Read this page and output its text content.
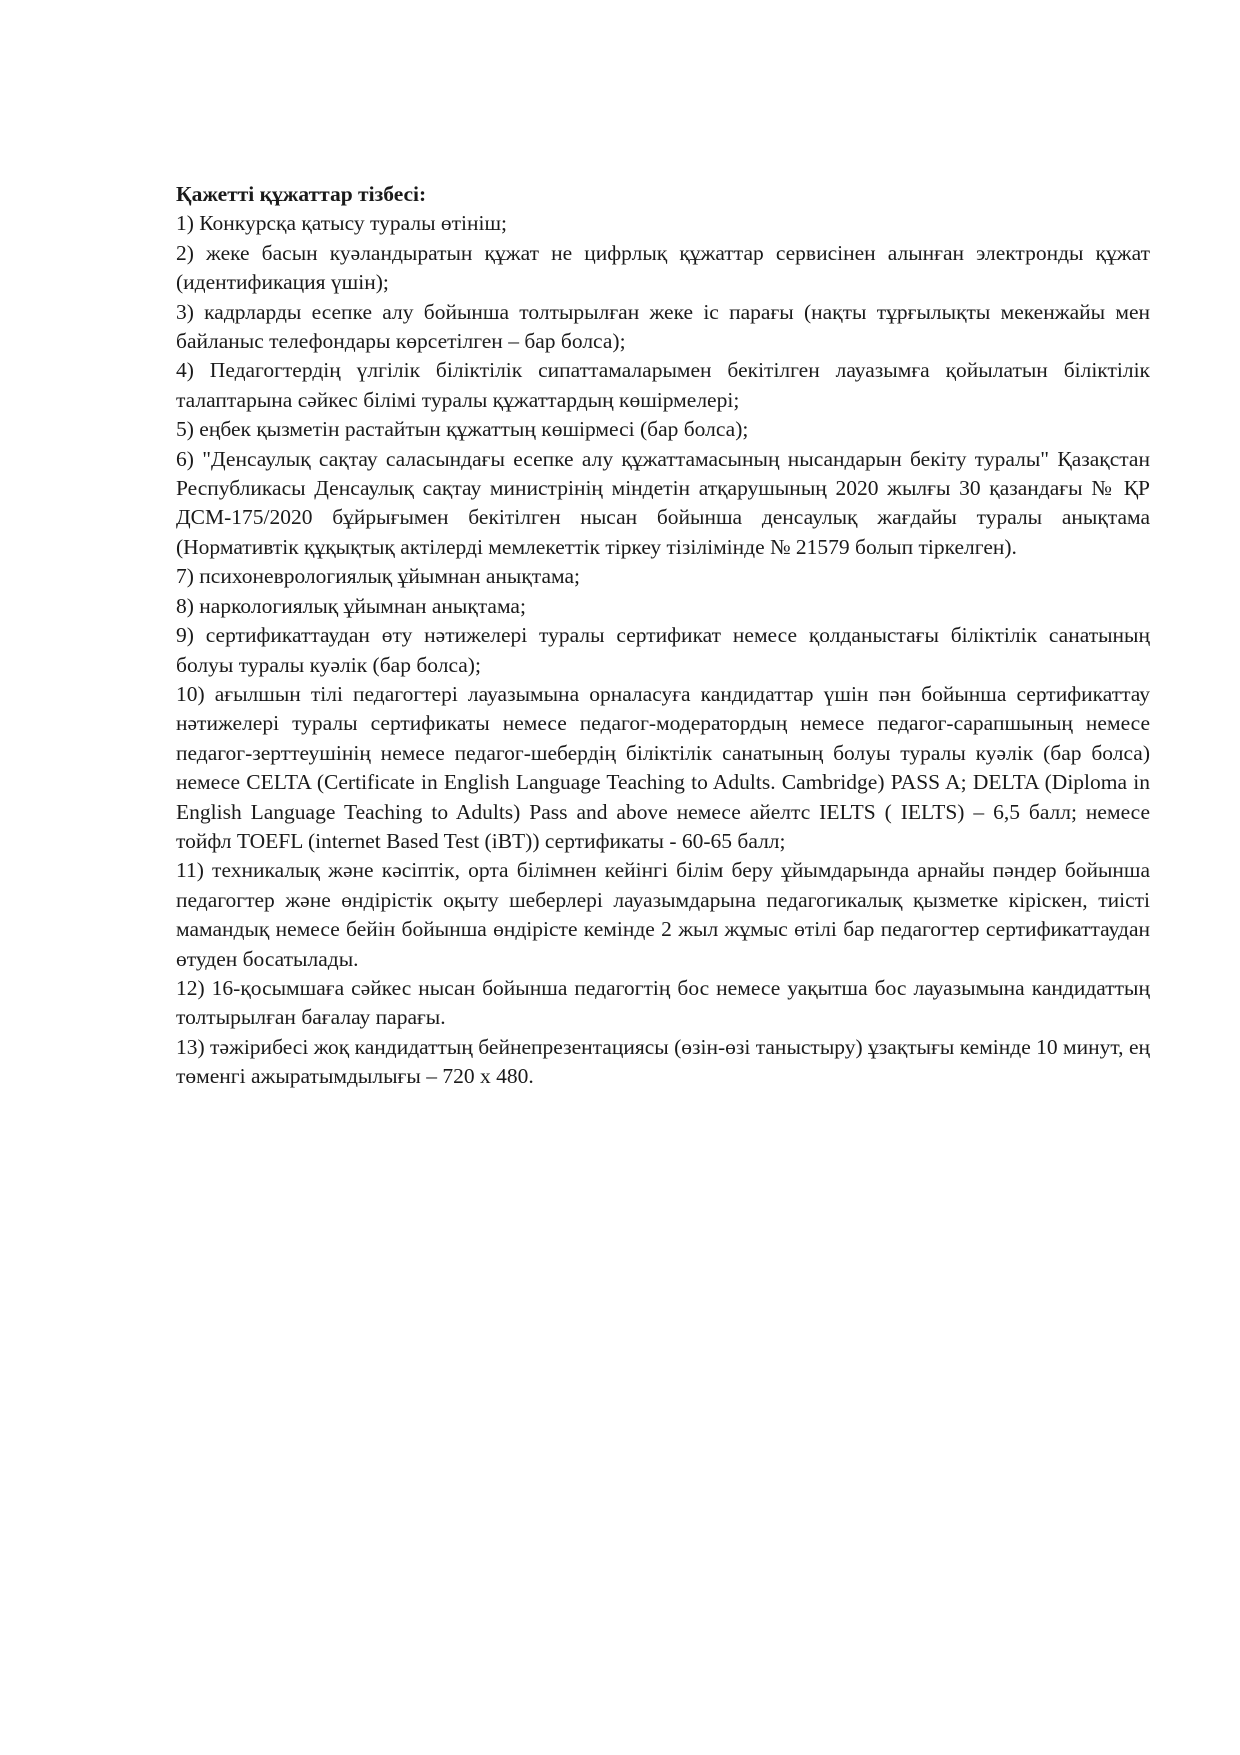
Қажетті құжаттар тізбесі:

1) Конкурсқа қатысу туралы өтініш;

2) жеке басын куәландыратын құжат не цифрлық құжаттар сервисінен алынған электронды құжат (идентификация үшін);

3) кадрларды есепке алу бойынша толтырылған жеке іс парағы (нақты тұрғылықты мекенжайы мен байланыс телефондары көрсетілген – бар болса);

4) Педагогтердің үлгілік біліктілік сипаттамаларымен бекітілген лауазымға қойылатын біліктілік талаптарына сәйкес білімі туралы құжаттардың көшірмелері;

5) еңбек қызметін растайтын құжаттың көшірмесі (бар болса);

6) "Денсаулық сақтау саласындағы есепке алу құжаттамасының нысандарын бекіту туралы" Қазақстан Республикасы Денсаулық сақтау министрінің міндетін атқарушының 2020 жылғы 30 қазандағы № ҚР ДСМ-175/2020 бұйрығымен бекітілген нысан бойынша денсаулық жағдайы туралы анықтама (Нормативтік құқықтық актілерді мемлекеттік тіркеу тізілімінде № 21579 болып тіркелген).

7) психоневрологиялық ұйымнан анықтама;

8) наркологиялық ұйымнан анықтама;

9) сертификаттаудан өту нәтижелері туралы сертификат немесе қолданыстағы біліктілік санатының болуы туралы куәлік (бар болса);

10) ағылшын тілі педагогтері лауазымына орналасуға кандидаттар үшін пән бойынша сертификаттау нәтижелері туралы сертификаты немесе педагог-модератордың немесе педагог-сарапшының немесе педагог-зерттеушінің немесе педагог-шебердің біліктілік санатының болуы туралы куәлік (бар болса) немесе CELTA (Certificate in English Language Teaching to Adults. Cambridge) PASS A; DELTA (Diploma in English Language Teaching to Adults) Pass and above немесе айелтс IELTS ( IELTS) – 6,5 балл; немесе тойфл TOEFL (internet Based Test (iBT)) сертификаты - 60-65 балл;

11) техникалық және кәсіптік, орта білімнен кейінгі білім беру ұйымдарында арнайы пәндер бойынша педагогтер және өндірістік оқыту шеберлері лауазымдарына педагогикалық қызметке кіріскен, тиісті мамандық немесе бейін бойынша өндірісте кемінде 2 жыл жұмыс өтілі бар педагогтер сертификаттаудан өтуден босатылады.

12) 16-қосымшаға сәйкес нысан бойынша педагогтің бос немесе уақытша бос лауазымына кандидаттың толтырылған бағалау парағы.

13) тәжірибесі жоқ кандидаттың бейнепрезентациясы (өзін-өзі таныстыру) ұзақтығы кемінде 10 минут, ең төменгі ажыратымдылығы – 720 x 480.
